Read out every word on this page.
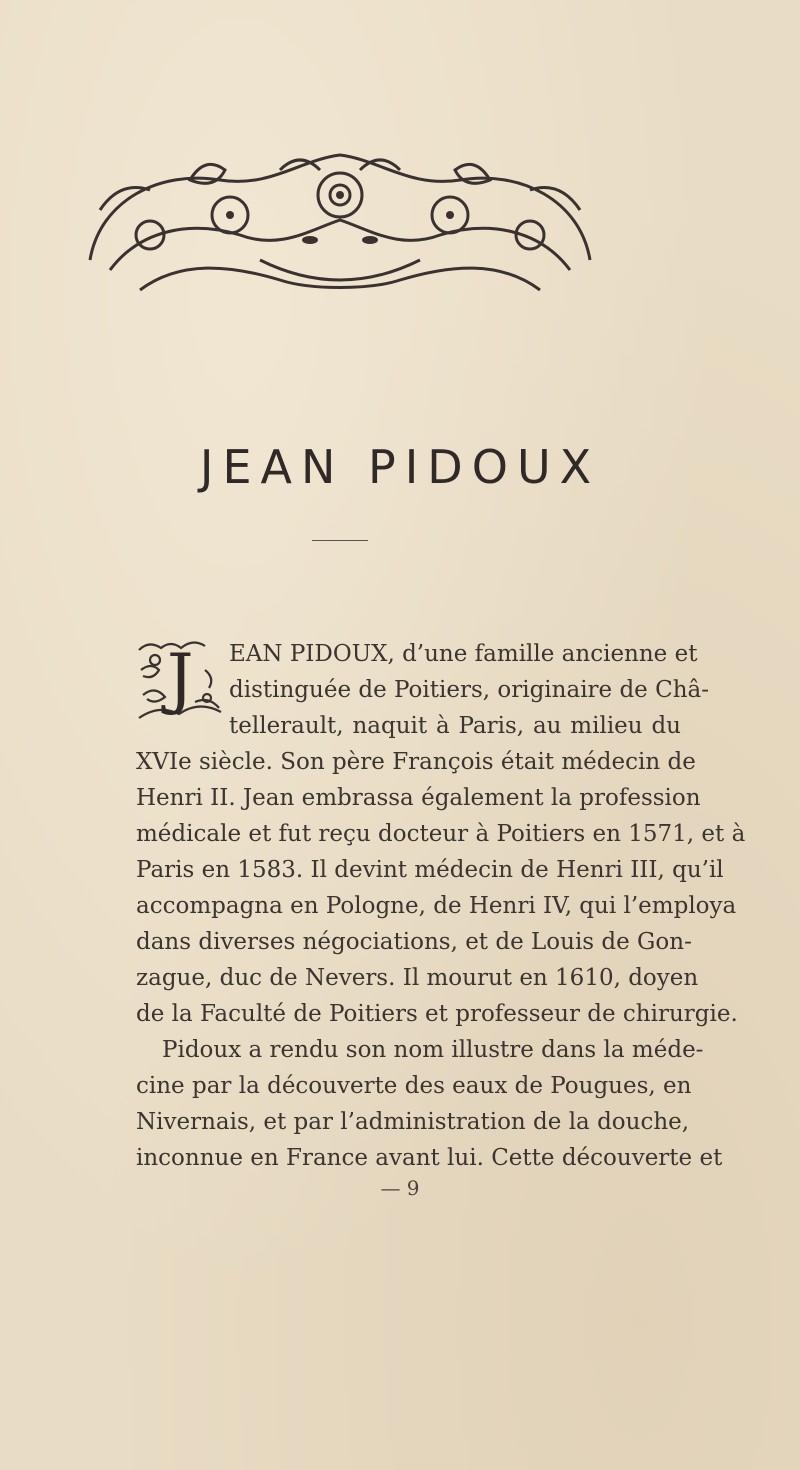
JEAN PIDOUX
J EAN PIDOUX, d’une famille ancienne et
distinguée de Poitiers, originaire de Châ-
tellerault, naquit à Paris, au milieu du
XVIe siècle. Son père François était médecin de
Henri II. Jean embrassa également la profession
médicale et fut reçu docteur à Poitiers en 1571, et à
Paris en 1583. Il devint médecin de Henri III, qu’il
accompagna en Pologne, de Henri IV, qui l’employa
dans diverses négociations, et de Louis de Gon-
zague, duc de Nevers. Il mourut en 1610, doyen
de la Faculté de Poitiers et professeur de chirurgie.
Pidoux a rendu son nom illustre dans la méde-
cine par la découverte des eaux de Pougues, en
Nivernais, et par l’administration de la douche,
inconnue en France avant lui. Cette découverte et
— 9
